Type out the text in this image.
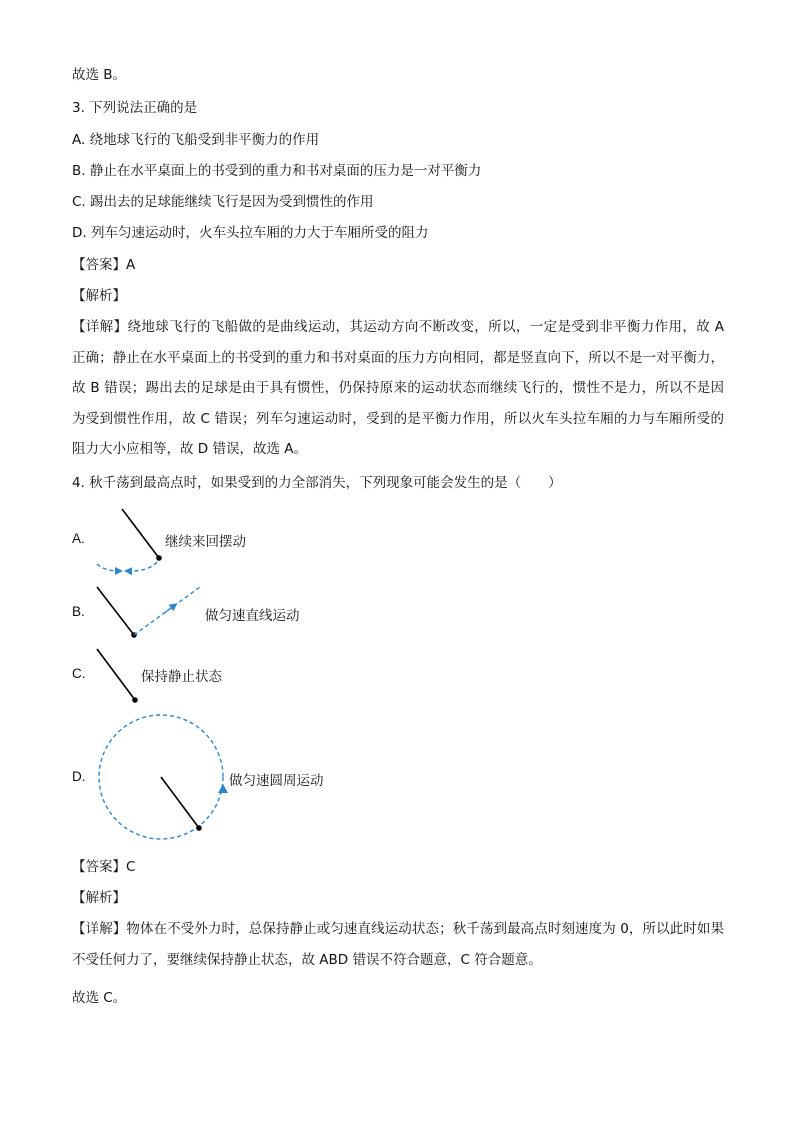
故选 B。
3. 下列说法正确的是
A. 绕地球飞行的飞船受到非平衡力的作用
B. 静止在水平桌面上的书受到的重力和书对桌面的压力是一对平衡力
C. 踢出去的足球能继续飞行是因为受到惯性的作用
D. 列车匀速运动时，火车头拉车厢的力大于车厢所受的阻力
【答案】A
【解析】
【详解】绕地球飞行的飞船做的是曲线运动，其运动方向不断改变，所以，一定是受到非平衡力作用，故 A 正确；静止在水平桌面上的书受到的重力和书对桌面的压力方向相同，都是竖直向下，所以不是一对平衡力，故 B 错误；踢出去的足球是由于具有惯性，仍保持原来的运动状态而继续飞行的，惯性不是力，所以不是因为受到惯性作用，故 C 错误；列车匀速运动时，受到的是平衡力作用，所以火车头拉车厢的力与车厢所受的阻力大小应相等，故 D 错误，故选 A。
4. 秋千荡到最高点时，如果受到的力全部消失，下列现象可能会发生的是（　　）
A.	继续来回摆动
B.	做匀速直线运动
C.	保持静止状态
D.	做匀速圆周运动
【答案】C
【解析】
【详解】物体在不受外力时，总保持静止或匀速直线运动状态；秋千荡到最高点时刻速度为 0，所以此时如果不受任何力了，要继续保持静止状态，故 ABD 错误不符合题意，C 符合题意。
故选 C。
